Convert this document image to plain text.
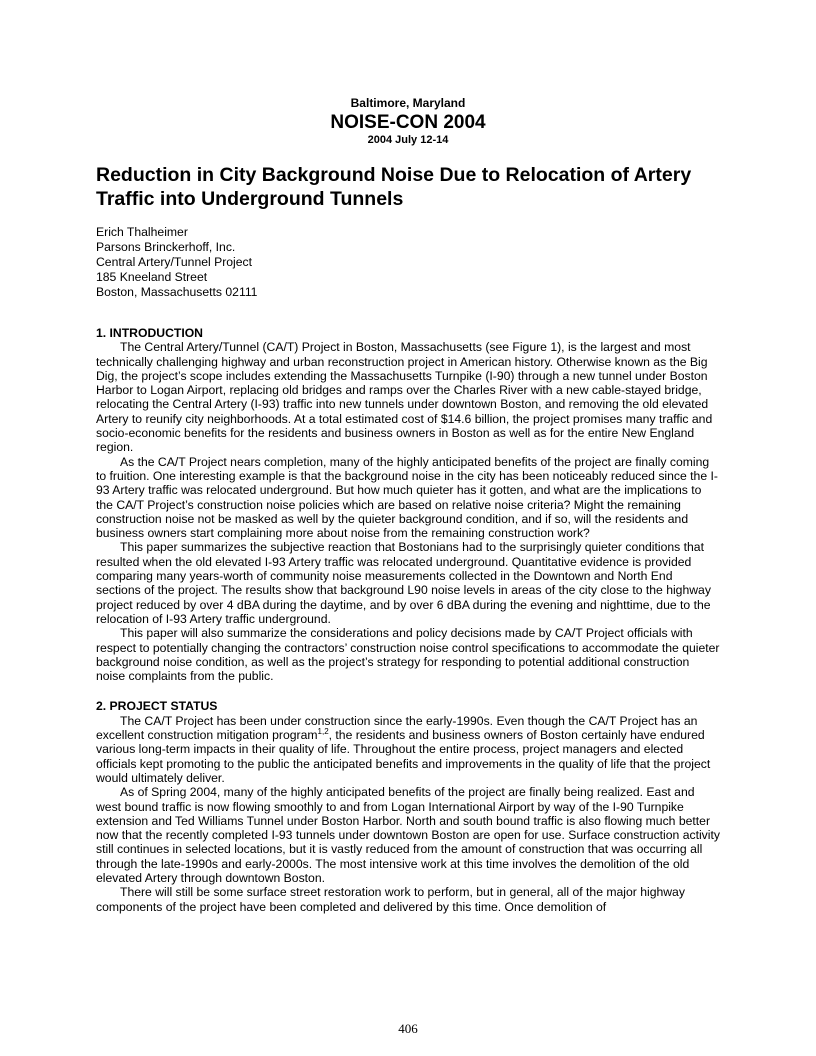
Baltimore, Maryland
NOISE-CON 2004
2004 July 12-14
Reduction in City Background Noise Due to Relocation of Artery Traffic into Underground Tunnels
Erich Thalheimer
Parsons Brinckerhoff, Inc.
Central Artery/Tunnel Project
185 Kneeland Street
Boston, Massachusetts 02111
1. INTRODUCTION

The Central Artery/Tunnel (CA/T) Project in Boston, Massachusetts (see Figure 1), is the largest and most technically challenging highway and urban reconstruction project in American history. Otherwise known as the Big Dig, the project’s scope includes extending the Massachusetts Turnpike (I-90) through a new tunnel under Boston Harbor to Logan Airport, replacing old bridges and ramps over the Charles River with a new cable-stayed bridge, relocating the Central Artery (I-93) traffic into new tunnels under downtown Boston, and removing the old elevated Artery to reunify city neighborhoods. At a total estimated cost of $14.6 billion, the project promises many traffic and socio-economic benefits for the residents and business owners in Boston as well as for the entire New England region.

As the CA/T Project nears completion, many of the highly anticipated benefits of the project are finally coming to fruition. One interesting example is that the background noise in the city has been noticeably reduced since the I-93 Artery traffic was relocated underground. But how much quieter has it gotten, and what are the implications to the CA/T Project’s construction noise policies which are based on relative noise criteria? Might the remaining construction noise not be masked as well by the quieter background condition, and if so, will the residents and business owners start complaining more about noise from the remaining construction work?

This paper summarizes the subjective reaction that Bostonians had to the surprisingly quieter conditions that resulted when the old elevated I-93 Artery traffic was relocated underground. Quantitative evidence is provided comparing many years-worth of community noise measurements collected in the Downtown and North End sections of the project. The results show that background L90 noise levels in areas of the city close to the highway project reduced by over 4 dBA during the daytime, and by over 6 dBA during the evening and nighttime, due to the relocation of I-93 Artery traffic underground.

This paper will also summarize the considerations and policy decisions made by CA/T Project officials with respect to potentially changing the contractors’ construction noise control specifications to accommodate the quieter background noise condition, as well as the project’s strategy for responding to potential additional construction noise complaints from the public.

2. PROJECT STATUS

The CA/T Project has been under construction since the early-1990s. Even though the CA/T Project has an excellent construction mitigation program$^{1,2}$, the residents and business owners of Boston certainly have endured various long-term impacts in their quality of life. Throughout the entire process, project managers and elected officials kept promoting to the public the anticipated benefits and improvements in the quality of life that the project would ultimately deliver.

As of Spring 2004, many of the highly anticipated benefits of the project are finally being realized. East and west bound traffic is now flowing smoothly to and from Logan International Airport by way of the I-90 Turnpike extension and Ted Williams Tunnel under Boston Harbor. North and south bound traffic is also flowing much better now that the recently completed I-93 tunnels under downtown Boston are open for use. Surface construction activity still continues in selected locations, but it is vastly reduced from the amount of construction that was occurring all through the late-1990s and early-2000s. The most intensive work at this time involves the demolition of the old elevated Artery through downtown Boston.

There will still be some surface street restoration work to perform, but in general, all of the major highway components of the project have been completed and delivered by this time. Once demolition of

406
